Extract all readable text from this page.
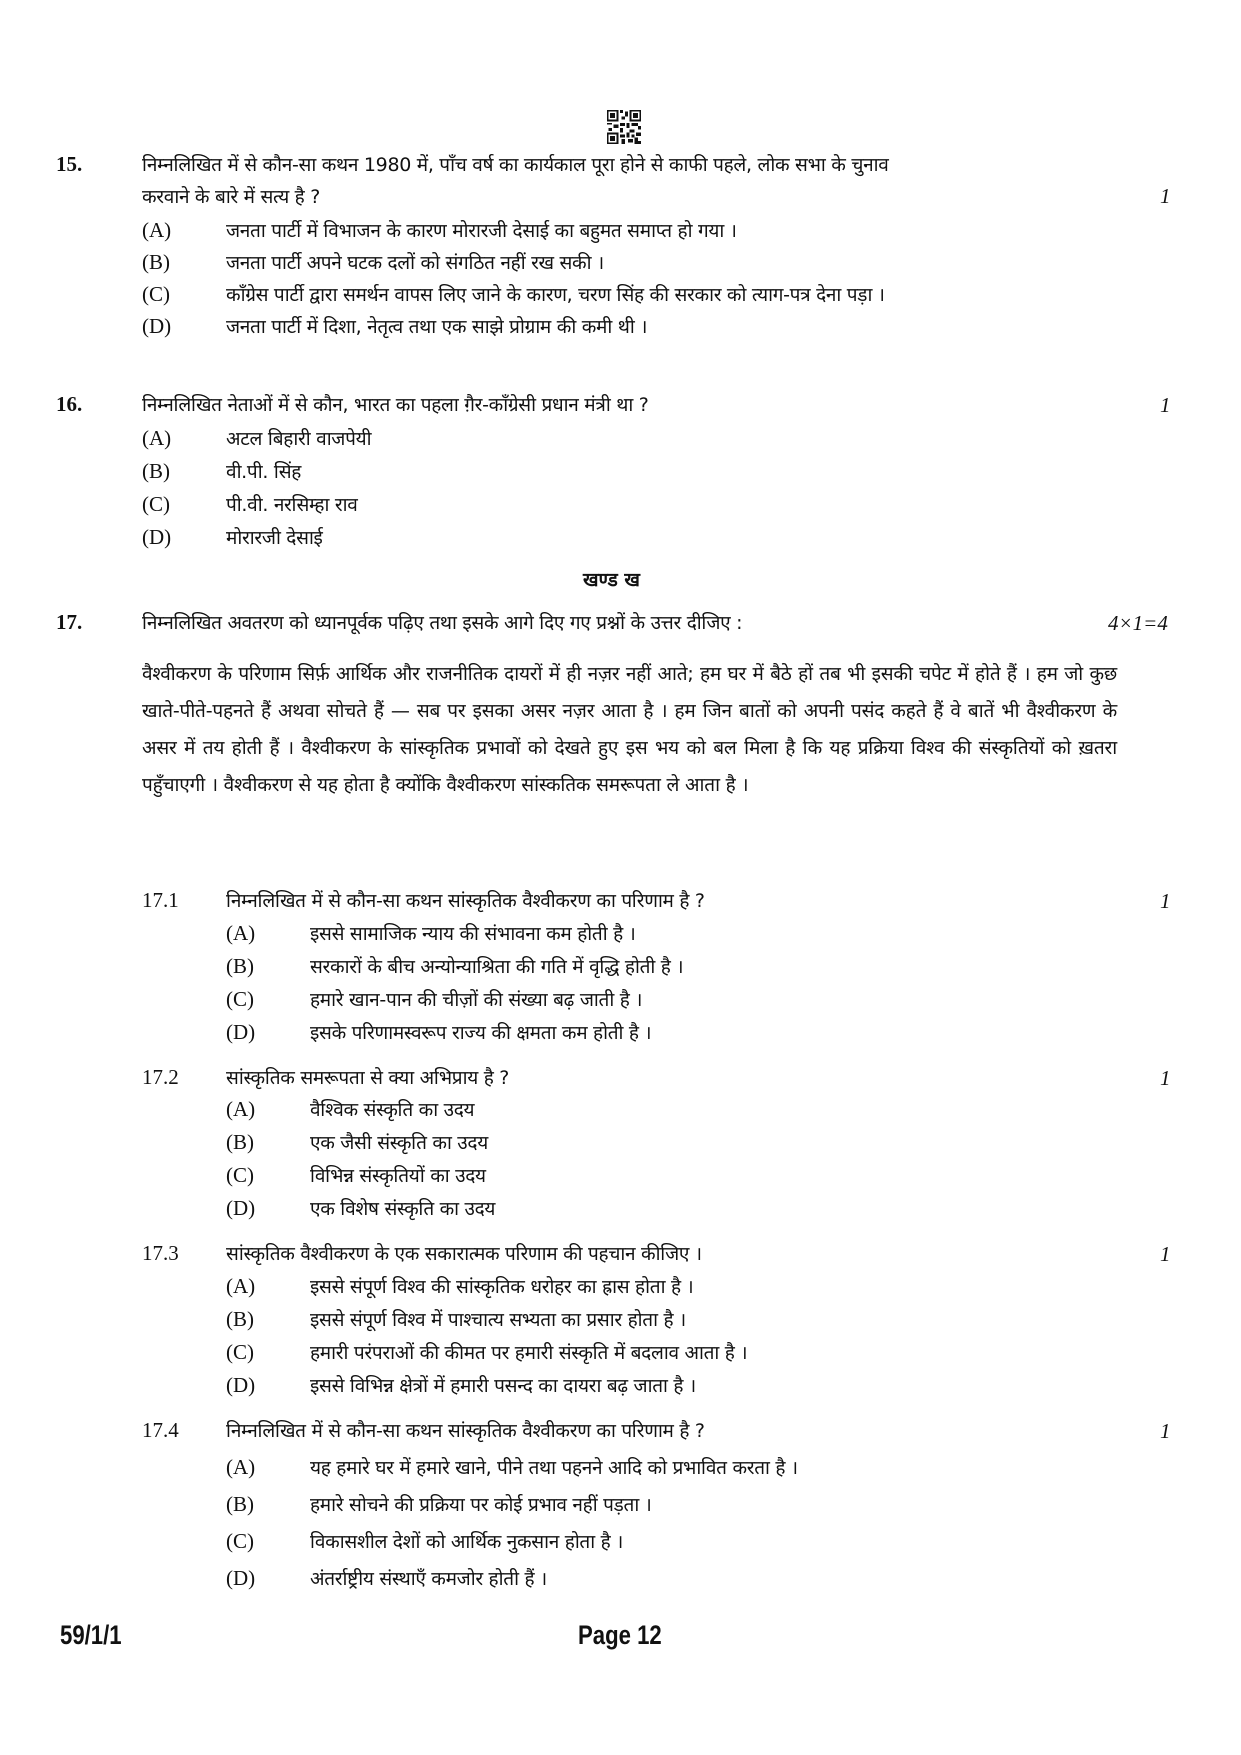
15.	निम्नलिखित में से कौन-सा कथन 1980 में, पाँच वर्ष का कार्यकाल पूरा होने से काफी पहले, लोक सभा के चुनाव
करवाने के बारे में सत्य है ?	1
(A)	जनता पार्टी में विभाजन के कारण मोरारजी देसाई का बहुमत समाप्त हो गया ।
(B)	जनता पार्टी अपने घटक दलों को संगठित नहीं रख सकी ।
(C)	काँग्रेस पार्टी द्वारा समर्थन वापस लिए जाने के कारण, चरण सिंह की सरकार को त्याग-पत्र देना पड़ा ।
(D)	जनता पार्टी में दिशा, नेतृत्व तथा एक साझे प्रोग्राम की कमी थी ।
16.	निम्नलिखित नेताओं में से कौन, भारत का पहला ग़ैर-काँग्रेसी प्रधान मंत्री था ?	1
(A)	अटल बिहारी वाजपेयी
(B)	वी.पी. सिंह
(C)	पी.वी. नरसिम्हा राव
(D)	मोरारजी देसाई
खण्ड ख
17.	निम्नलिखित अवतरण को ध्यानपूर्वक पढ़िए तथा इसके आगे दिए गए प्रश्नों के उत्तर दीजिए :	4×1=4

वैश्वीकरण के परिणाम सिर्फ़ आर्थिक और राजनीतिक दायरों में ही नज़र नहीं आते; हम घर में बैठे हों तब भी इसकी चपेट में होते हैं । हम जो कुछ खाते-पीते-पहनते हैं अथवा सोचते हैं — सब पर इसका असर नज़र आता है । हम जिन बातों को अपनी पसंद कहते हैं वे बातें भी वैश्वीकरण के असर में तय होती हैं । वैश्वीकरण के सांस्कृतिक प्रभावों को देखते हुए इस भय को बल मिला है कि यह प्रक्रिया विश्व की संस्कृतियों को ख़तरा पहुँचाएगी । वैश्वीकरण से यह होता है क्योंकि वैश्वीकरण सांस्कतिक समरूपता ले आता है ।

17.1 निम्नलिखित में से कौन-सा कथन सांस्कृतिक वैश्वीकरण का परिणाम है ?	1
(A)	इससे सामाजिक न्याय की संभावना कम होती है ।
(B)	सरकारों के बीच अन्योन्याश्रिता की गति में वृद्धि होती है ।
(C)	हमारे खान-पान की चीज़ों की संख्या बढ़ जाती है ।
(D)	इसके परिणामस्वरूप राज्य की क्षमता कम होती है ।
17.2 सांस्कृतिक समरूपता से क्या अभिप्राय है ?	1
(A)	वैश्विक संस्कृति का उदय
(B)	एक जैसी संस्कृति का उदय
(C)	विभिन्न संस्कृतियों का उदय
(D)	एक विशेष संस्कृति का उदय
17.3 सांस्कृतिक वैश्वीकरण के एक सकारात्मक परिणाम की पहचान कीजिए ।	1
(A)	इससे संपूर्ण विश्व की सांस्कृतिक धरोहर का ह्रास होता है ।
(B)	इससे संपूर्ण विश्व में पाश्चात्य सभ्यता का प्रसार होता है ।
(C)	हमारी परंपराओं की कीमत पर हमारी संस्कृति में बदलाव आता है ।
(D)	इससे विभिन्न क्षेत्रों में हमारी पसन्द का दायरा बढ़ जाता है ।
17.4 निम्नलिखित में से कौन-सा कथन सांस्कृतिक वैश्वीकरण का परिणाम है ?	1
(A)	यह हमारे घर में हमारे खाने, पीने तथा पहनने आदि को प्रभावित करता है ।
(B)	हमारे सोचने की प्रक्रिया पर कोई प्रभाव नहीं पड़ता ।
(C)	विकासशील देशों को आर्थिक नुकसान होता है ।
(D)	अंतर्राष्ट्रीय संस्थाएँ कमजोर होती हैं ।
59/1/1	Page 12
